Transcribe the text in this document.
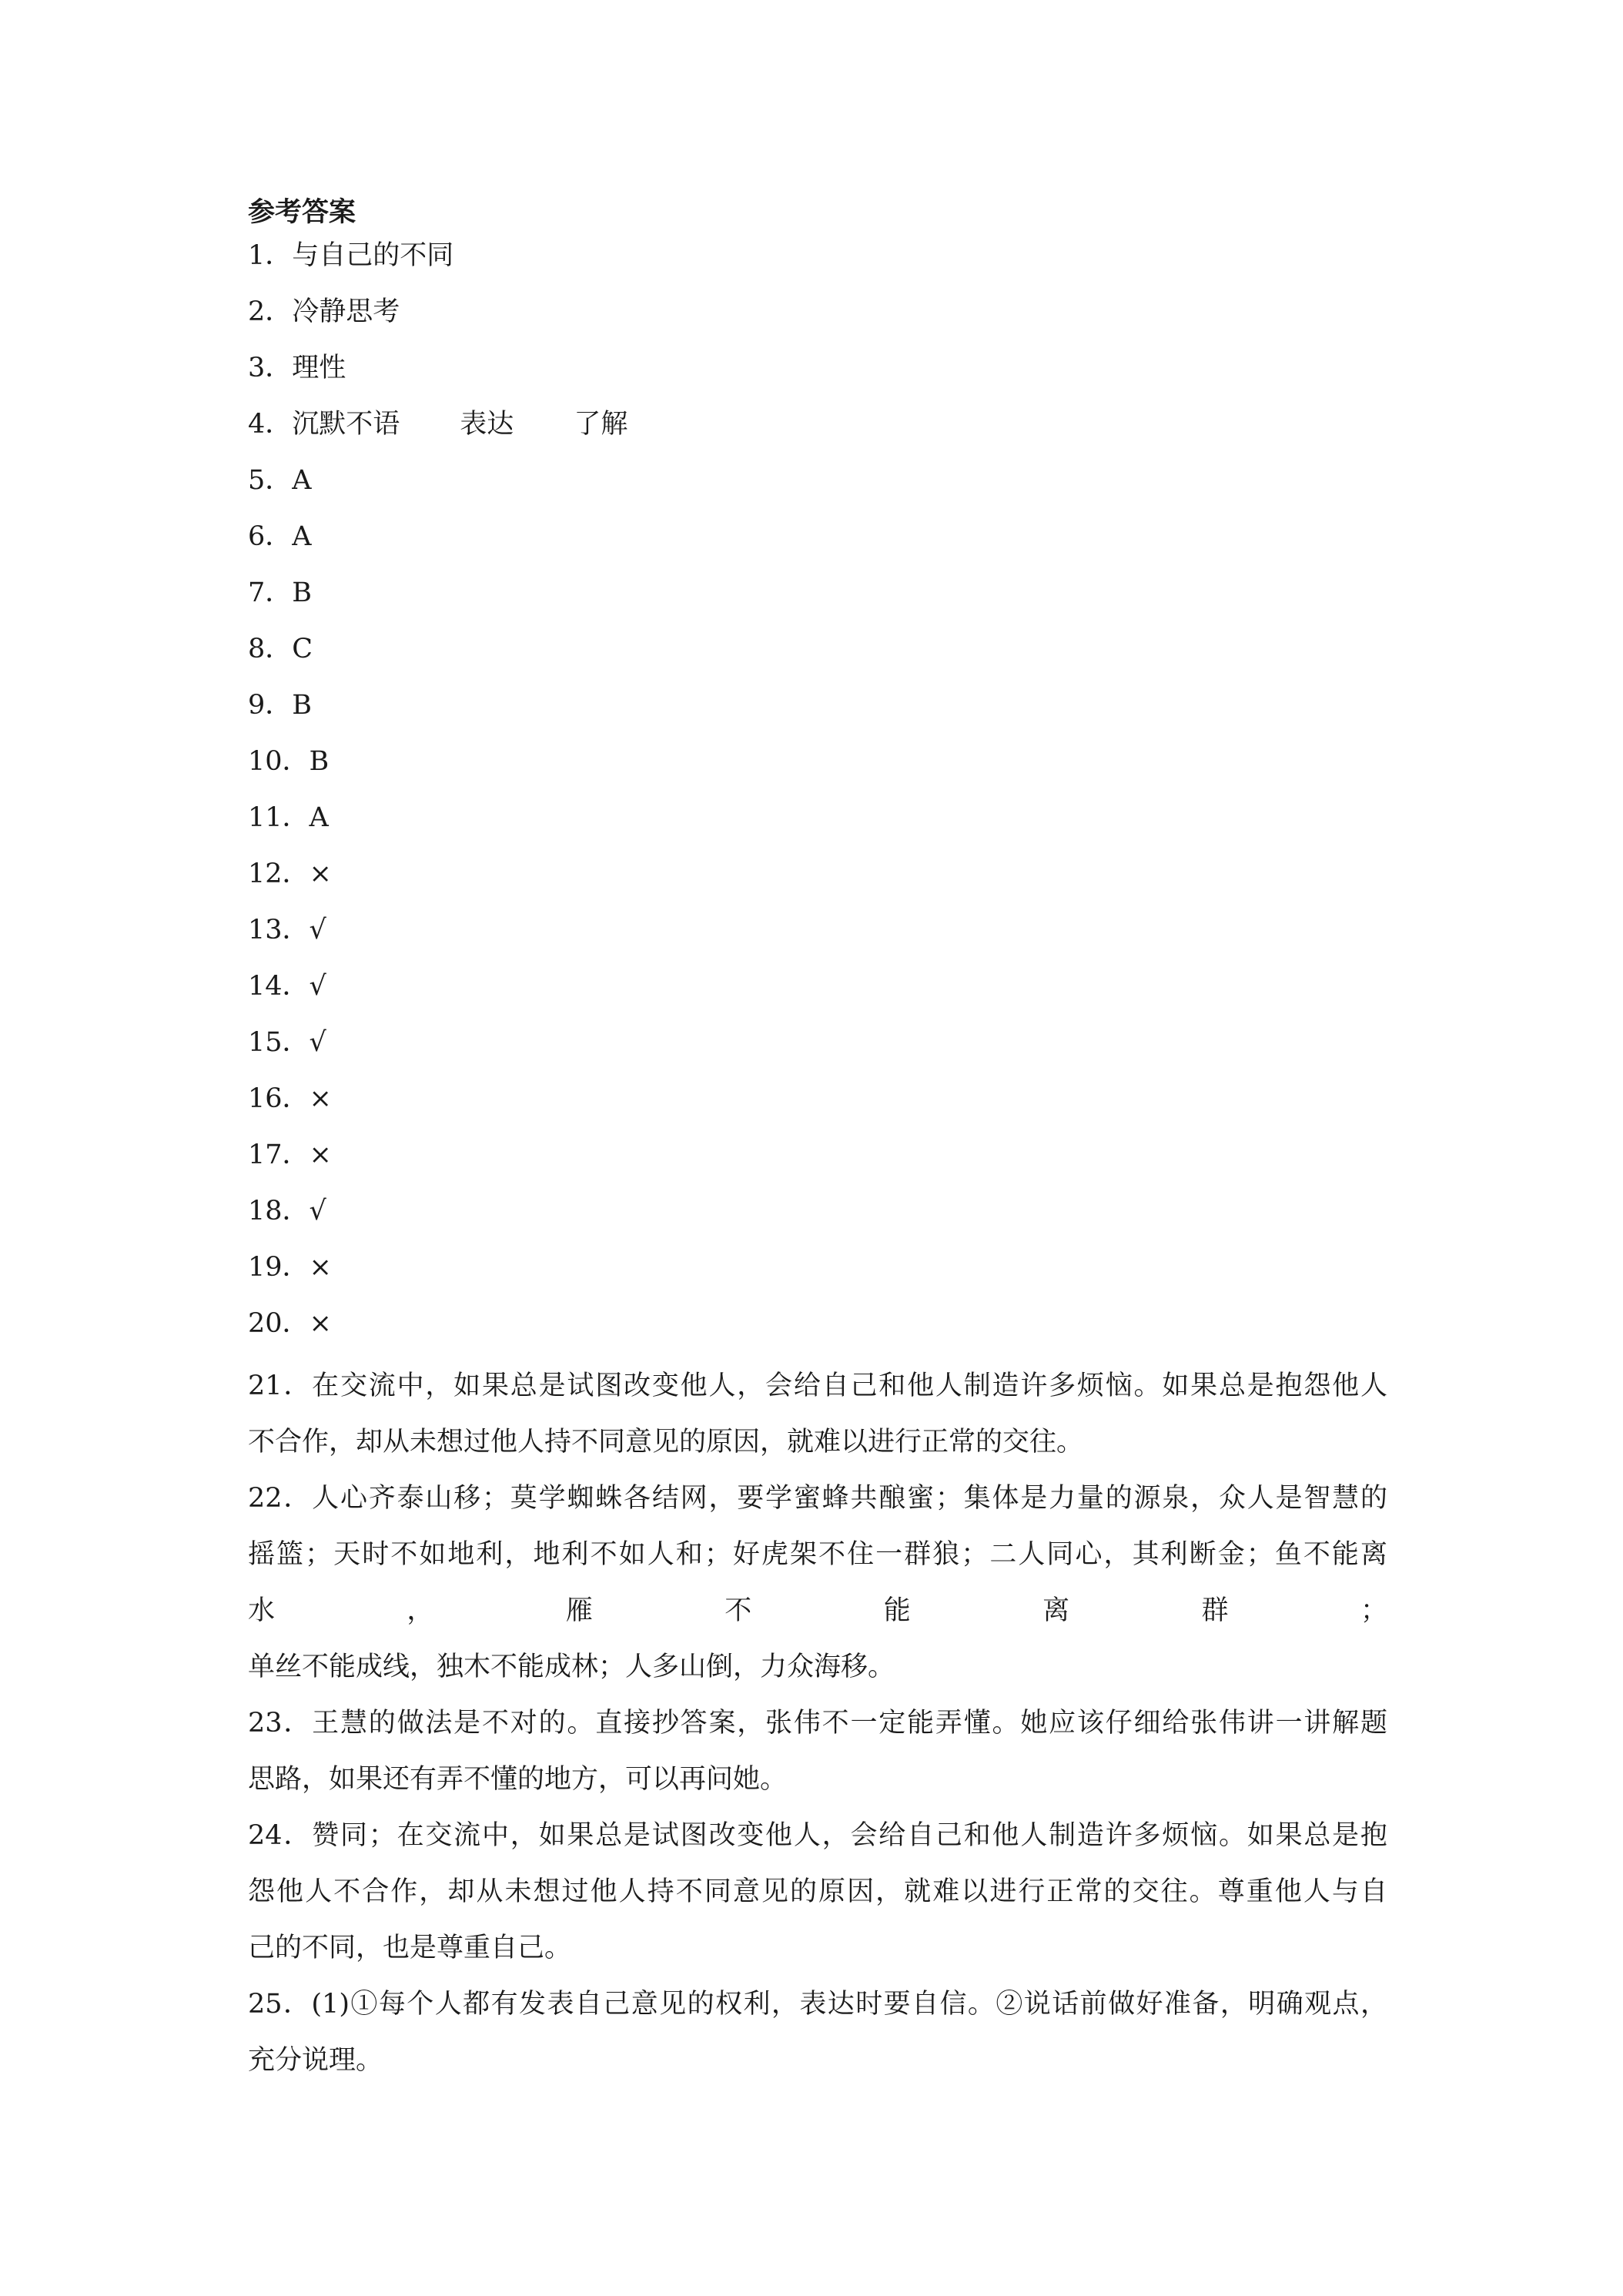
参考答案
1．与自己的不同
2．冷静思考
3．理性
4．沉默不语 表达 了解
5．A
6．A
7．B
8．C
9．B
10．B
11．A
12．×
13．√
14．√
15．√
16．×
17．×
18．√
19．×
20．×
21．在交流中，如果总是试图改变他人，会给自己和他人制造许多烦恼。如果总是抱怨他人
不合作，却从未想过他人持不同意见的原因，就难以进行正常的交往。
22．人心齐泰山移；莫学蜘蛛各结网，要学蜜蜂共酿蜜；集体是力量的源泉，众人是智慧的
摇篮；天时不如地利，地利不如人和；好虎架不住一群狼；二人同心，其利断金；鱼不能离
水，雁不能离群；
单丝不能成线，独木不能成林；人多山倒，力众海移。
23．王慧的做法是不对的。直接抄答案，张伟不一定能弄懂。她应该仔细给张伟讲一讲解题
思路，如果还有弄不懂的地方，可以再问她。
24．赞同；在交流中，如果总是试图改变他人，会给自己和他人制造许多烦恼。如果总是抱
怨他人不合作，却从未想过他人持不同意见的原因，就难以进行正常的交往。尊重他人与自
己的不同，也是尊重自己。
25．(1)①每个人都有发表自己意见的权利，表达时要自信。②说话前做好准备，明确观点，
充分说理。
